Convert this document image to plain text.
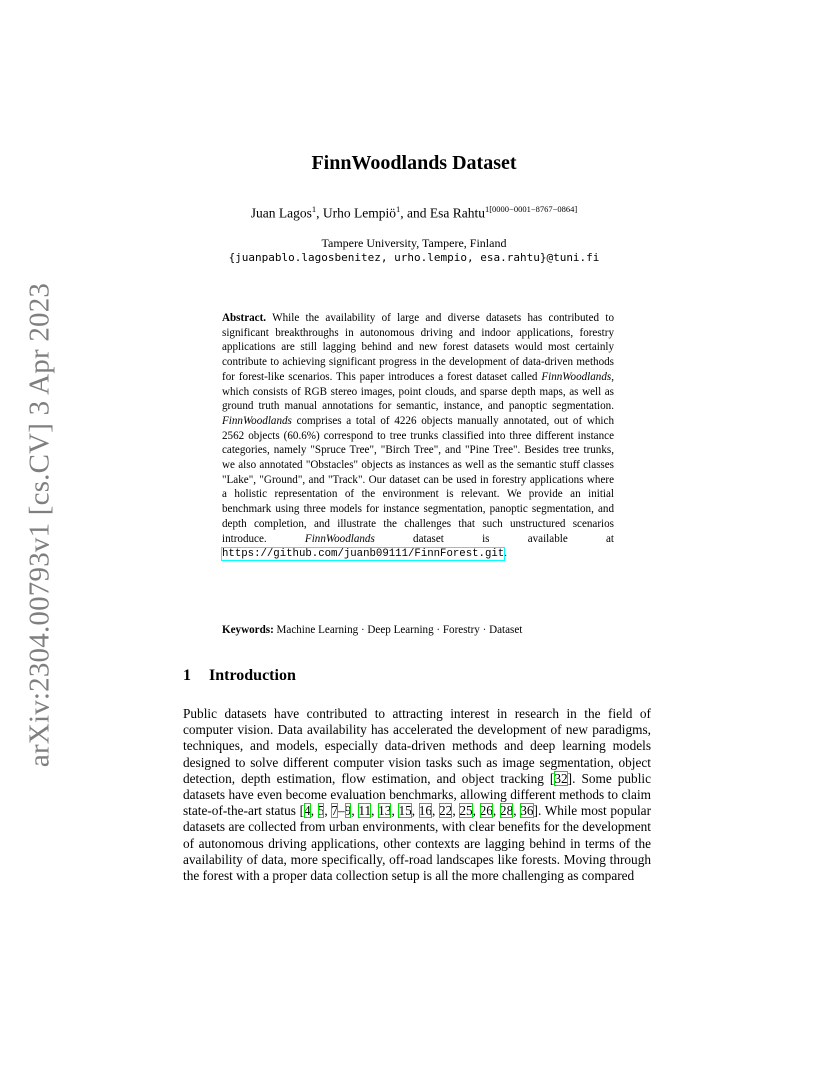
arXiv:2304.00793v1 [cs.CV] 3 Apr 2023
FinnWoodlands Dataset
Juan Lagos$^1$, Urho Lempiö$^1$, and Esa Rahtu$^{1[0000-0001-8767-0864]}$
Tampere University, Tampere, Finland
{juanpablo.lagosbenitez, urho.lempio, esa.rahtu}@tuni.fi
Abstract. While the availability of large and diverse datasets has contributed to significant breakthroughs in autonomous driving and indoor applications, forestry applications are still lagging behind and new forest datasets would most certainly contribute to achieving significant progress in the development of data-driven methods for forest-like scenarios. This paper introduces a forest dataset called FinnWoodlands, which consists of RGB stereo images, point clouds, and sparse depth maps, as well as ground truth manual annotations for semantic, instance, and panoptic segmentation. FinnWoodlands comprises a total of 4226 objects manually annotated, out of which 2562 objects (60.6%) correspond to tree trunks classified into three different instance categories, namely "Spruce Tree", "Birch Tree", and "Pine Tree". Besides tree trunks, we also annotated "Obstacles" objects as instances as well as the semantic stuff classes "Lake", "Ground", and "Track". Our dataset can be used in forestry applications where a holistic representation of the environment is relevant. We provide an initial benchmark using three models for instance segmentation, panoptic segmentation, and depth completion, and illustrate the challenges that such unstructured scenarios introduce. FinnWoodlands dataset is available at https://github.com/juanb09111/FinnForest.git.
Keywords: Machine Learning · Deep Learning · Forestry · Dataset
1 Introduction
Public datasets have contributed to attracting interest in research in the field of computer vision. Data availability has accelerated the development of new paradigms, techniques, and models, especially data-driven methods and deep learning models designed to solve different computer vision tasks such as image segmentation, object detection, depth estimation, flow estimation, and object tracking [32]. Some public datasets have even become evaluation benchmarks, allowing different methods to claim state-of-the-art status [4, 5, 7–9, 11, 13, 15, 16, 22, 25, 26, 28, 36]. While most popular datasets are collected from urban environments, with clear benefits for the development of autonomous driving applications, other contexts are lagging behind in terms of the availability of data, more specifically, off-road landscapes like forests. Moving through the forest with a proper data collection setup is all the more challenging as compared
